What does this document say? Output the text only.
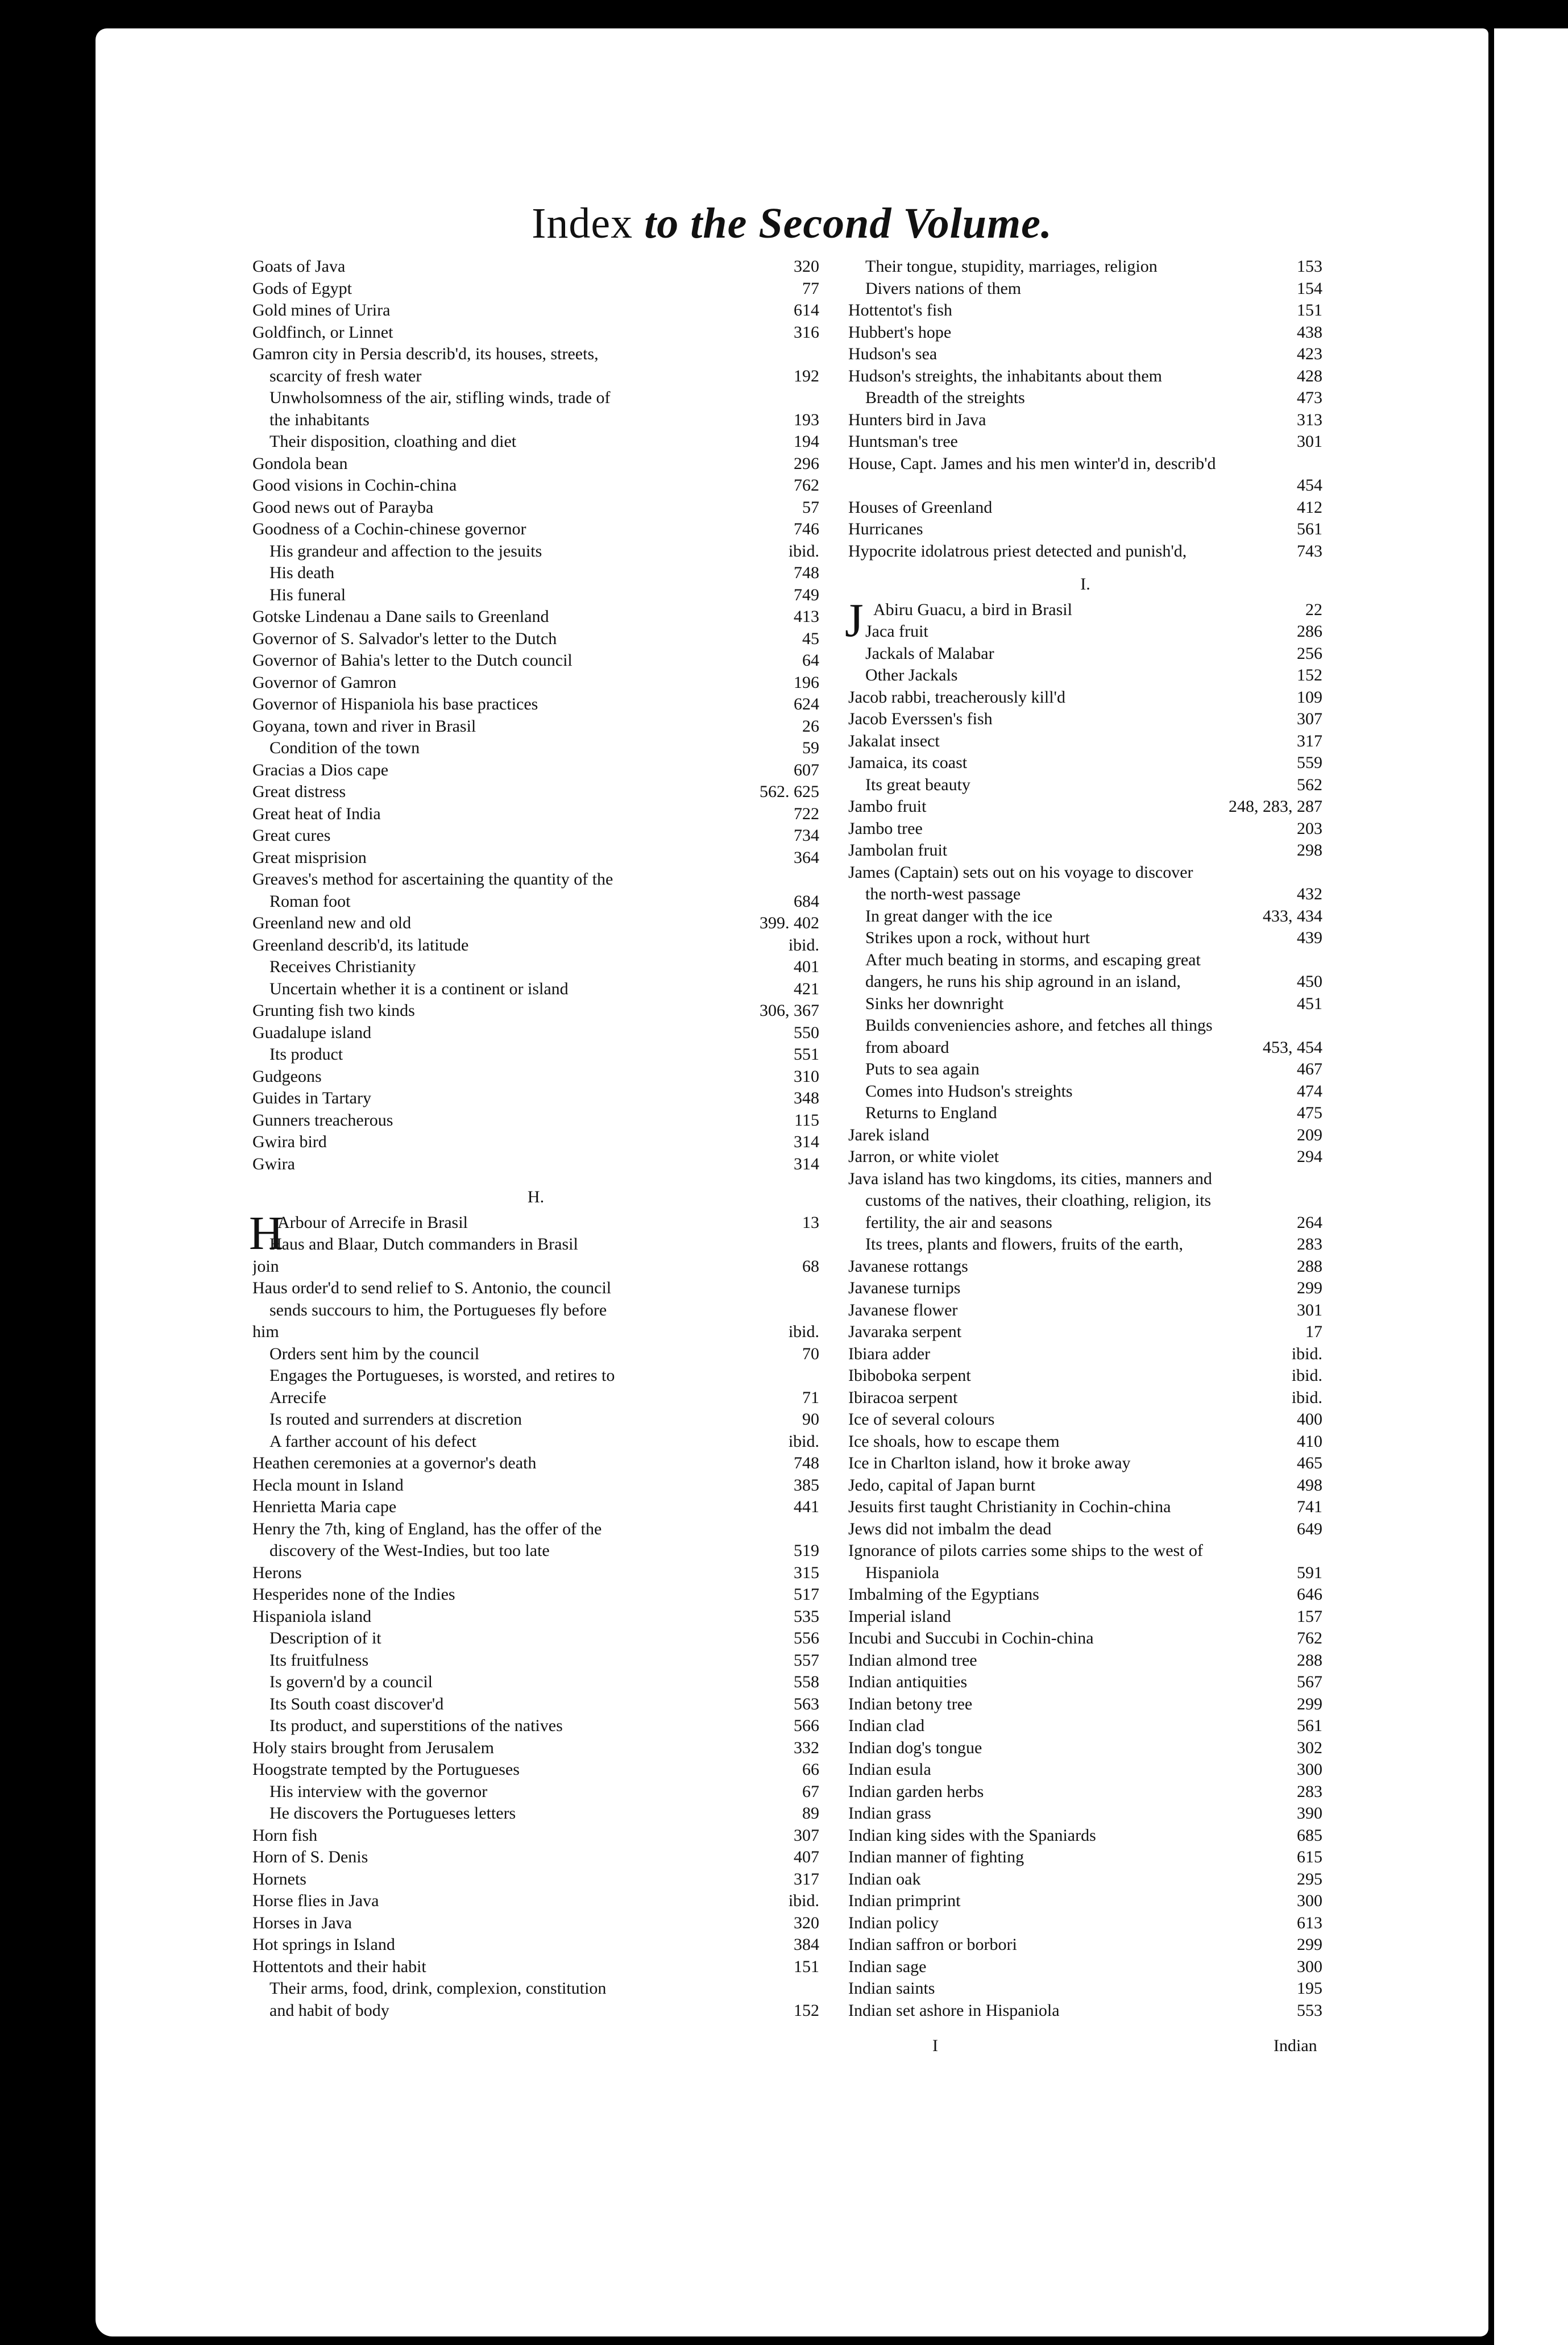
Index to the Second Volume.
Goats of Java	320
Gods of Egypt	77
Gold mines of Urira	614
Goldfinch, or Linnet	316
Gamron city in Persia describ'd, its houses, streets,
scarcity of fresh water	192
Unwholsomness of the air, stifling winds, trade of
the inhabitants	193
Their disposition, cloathing and diet	194
Gondola bean	296
Good visions in Cochin-china	762
Good news out of Parayba	57
Goodness of a Cochin-chinese governor	746
His grandeur and affection to the jesuits	ibid.
His death	748
His funeral	749
Gotske Lindenau a Dane sails to Greenland	413
Governor of S. Salvador's letter to the Dutch	45
Governor of Bahia's letter to the Dutch council	64
Governor of Gamron	196
Governor of Hispaniola his base practices	624
Goyana, town and river in Brasil	26
Condition of the town	59
Gracias a Dios cape	607
Great distress	562. 625
Great heat of India	722
Great cures	734
Great misprision	364
Greaves's method for ascertaining the quantity of the
Roman foot	684
Greenland new and old	399. 402
Greenland describ'd, its latitude	ibid.
Receives Christianity	401
Uncertain whether it is a continent or island	421
Grunting fish two kinds	306, 367
Guadalupe island	550
Its product	551
Gudgeons	310
Guides in Tartary	348
Gunners treacherous	115
Gwira bird	314
Gwira	314
H.
H
Arbour of Arrecife in Brasil	13
Haus and Blaar, Dutch commanders in Brasil
join	68
Haus order'd to send relief to S. Antonio, the council
sends succours to him, the Portugueses fly before
him	ibid.
Orders sent him by the council	70
Engages the Portugueses, is worsted, and retires to
Arrecife	71
Is routed and surrenders at discretion	90
A farther account of his defect	ibid.
Heathen ceremonies at a governor's death	748
Hecla mount in Island	385
Henrietta Maria cape	441
Henry the 7th, king of England, has the offer of the
discovery of the West-Indies, but too late	519
Herons	315
Hesperides none of the Indies	517
Hispaniola island	535
Description of it	556
Its fruitfulness	557
Is govern'd by a council	558
Its South coast discover'd	563
Its product, and superstitions of the natives	566
Holy stairs brought from Jerusalem	332
Hoogstrate tempted by the Portugueses	66
His interview with the governor	67
He discovers the Portugueses letters	89
Horn fish	307
Horn of S. Denis	407
Hornets	317
Horse flies in Java	ibid.
Horses in Java	320
Hot springs in Island	384
Hottentots and their habit	151
Their arms, food, drink, complexion, constitution
and habit of body	152
Their tongue, stupidity, marriages, religion	153
Divers nations of them	154
Hottentot's fish	151
Hubbert's hope	438
Hudson's sea	423
Hudson's streights, the inhabitants about them	428
Breadth of the streights	473
Hunters bird in Java	313
Huntsman's tree	301
House, Capt. James and his men winter'd in, describ'd
454
Houses of Greenland	412
Hurricanes	561
Hypocrite idolatrous priest detected and punish'd,	743
I.
J Abiru Guacu, a bird in Brasil	22
Jaca fruit	286
Jackals of Malabar	256
Other Jackals	152
Jacob rabbi, treacherously kill'd	109
Jacob Everssen's fish	307
Jakalat insect	317
Jamaica, its coast	559
Its great beauty	562
Jambo fruit	248, 283, 287
Jambo tree	203
Jambolan fruit	298
James (Captain) sets out on his voyage to discover
the north-west passage	432
In great danger with the ice	433, 434
Strikes upon a rock, without hurt	439
After much beating in storms, and escaping great
dangers, he runs his ship aground in an island,	450
Sinks her downright	451
Builds conveniencies ashore, and fetches all things
from aboard	453, 454
Puts to sea again	467
Comes into Hudson's streights	474
Returns to England	475
Jarek island	209
Jarron, or white violet	294
Java island has two kingdoms, its cities, manners and
customs of the natives, their cloathing, religion, its
fertility, the air and seasons	264
Its trees, plants and flowers, fruits of the earth,	283
Javanese rottangs	288
Javanese turnips	299
Javanese flower	301
Javaraka serpent	17
Ibiara adder	ibid.
Ibiboboka serpent	ibid.
Ibiracoa serpent	ibid.
Ice of several colours	400
Ice shoals, how to escape them	410
Ice in Charlton island, how it broke away	465
Jedo, capital of Japan burnt	498
Jesuits first taught Christianity in Cochin-china	741
Jews did not imbalm the dead	649
Ignorance of pilots carries some ships to the west of
Hispaniola	591
Imbalming of the Egyptians	646
Imperial island	157
Incubi and Succubi in Cochin-china	762
Indian almond tree	288
Indian antiquities	567
Indian betony tree	299
Indian clad	561
Indian dog's tongue	302
Indian esula	300
Indian garden herbs	283
Indian grass	390
Indian king sides with the Spaniards	685
Indian manner of fighting	615
Indian oak	295
Indian primprint	300
Indian policy	613
Indian saffron or borbori	299
Indian sage	300
Indian saints	195
Indian set ashore in Hispaniola	553
I	Indian
